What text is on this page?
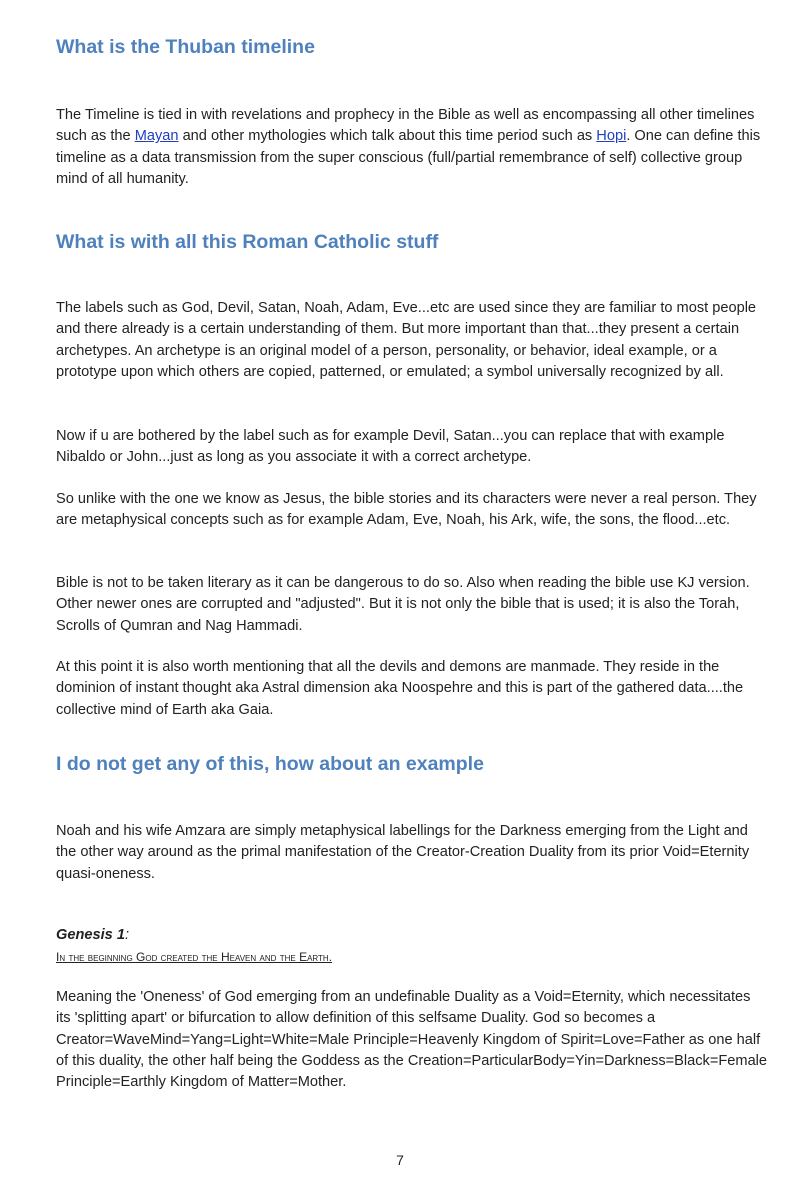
What is the Thuban timeline

The Timeline is tied in with revelations and prophecy in the Bible as well as encompassing all other timelines such as the Mayan and other mythologies which talk about this time period such as Hopi. One can define this timeline as a data transmission from the super conscious (full/partial remembrance of self) collective group mind of all humanity.

What is with all this Roman Catholic stuff

The labels such as God, Devil, Satan, Noah, Adam, Eve...etc are used since they are familiar to most people and there already is a certain understanding of them. But more important than that...they present a certain archetypes. An archetype is an original model of a person, personality, or behavior, ideal example, or a prototype upon which others are copied, patterned, or emulated; a symbol universally recognized by all.

Now if u are bothered by the label such as for example Devil, Satan...you can replace that with example Nibaldo or John...just as long as you associate it with a correct archetype.

So unlike with the one we know as Jesus, the bible stories and its characters were never a real person. They are metaphysical concepts such as for example Adam, Eve, Noah, his Ark, wife, the sons, the flood...etc.

Bible is not to be taken literary as it can be dangerous to do so. Also when reading the bible use KJ version. Other newer ones are corrupted and "adjusted". But it is not only the bible that is used; it is also the Torah, Scrolls of Qumran and Nag Hammadi.

At this point it is also worth mentioning that all the devils and demons are manmade. They reside in the dominion of instant thought aka Astral dimension aka Noospehre and this is part of the gathered data....the collective mind of Earth aka Gaia.

I do not get any of this, how about an example

Noah and his wife Amzara are simply metaphysical labellings for the Darkness emerging from the Light and the other way around as the primal manifestation of the Creator-Creation Duality from its prior Void=Eternity quasi-oneness.

Genesis 1:

In the beginning God created the Heaven and the Earth.

Meaning the 'Oneness' of God emerging from an undefinable Duality as a Void=Eternity, which necessitates its 'splitting apart' or bifurcation to allow definition of this selfsame Duality. God so becomes a Creator=WaveMind=Yang=Light=White=Male Principle=Heavenly Kingdom of Spirit=Love=Father as one half of this duality, the other half being the Goddess as the Creation=ParticularBody=Yin=Darkness=Black=Female Principle=Earthly Kingdom of Matter=Mother.

7
